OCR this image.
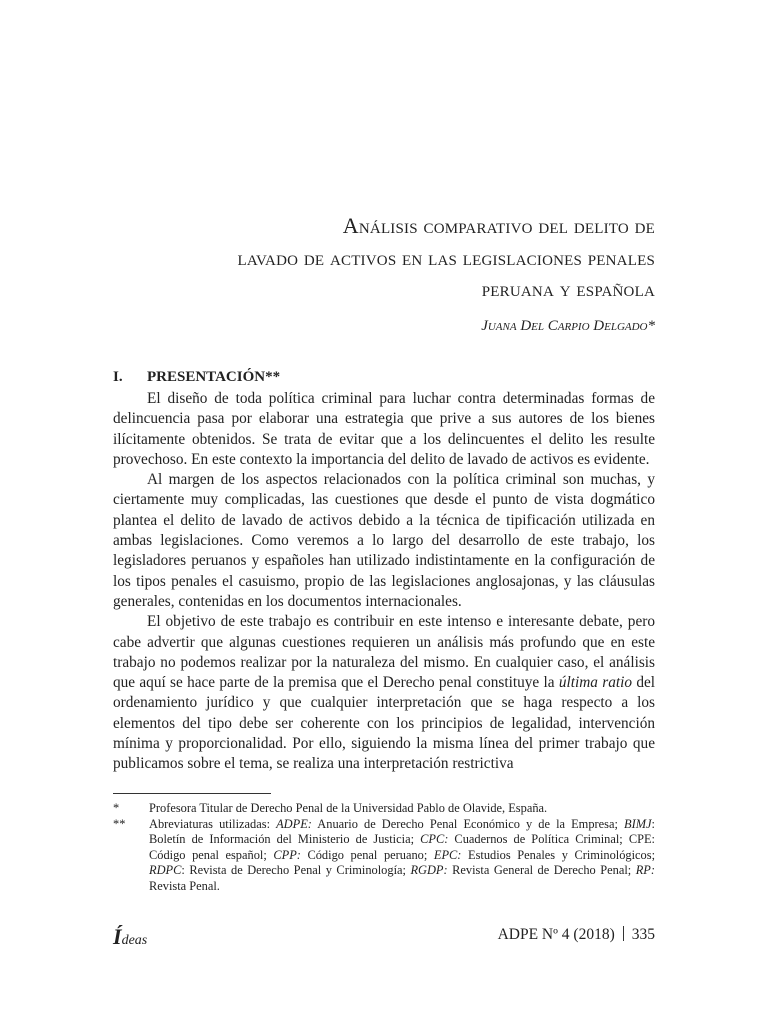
Análisis comparativo del delito de
lavado de activos en las legislaciones penales
peruana y española
Juana Del Carpio Delgado*
I. PRESENTACIÓN**

El diseño de toda política criminal para luchar contra determinadas formas de delincuencia pasa por elaborar una estrategia que prive a sus autores de los bienes ilícitamente obtenidos. Se trata de evitar que a los delincuentes el delito les resulte provechoso. En este contexto la importancia del delito de lavado de activos es evidente.

Al margen de los aspectos relacionados con la política criminal son muchas, y ciertamente muy complicadas, las cuestiones que desde el punto de vista dogmático plantea el delito de lavado de activos debido a la técnica de tipificación utilizada en ambas legislaciones. Como veremos a lo largo del desarrollo de este trabajo, los legisladores peruanos y españoles han utilizado indistintamente en la configuración de los tipos penales el casuismo, propio de las legislaciones anglosajonas, y las cláusulas generales, contenidas en los documentos internacionales.

El objetivo de este trabajo es contribuir en este intenso e interesante debate, pero cabe advertir que algunas cuestiones requieren un análisis más profundo que en este trabajo no podemos realizar por la naturaleza del mismo. En cualquier caso, el análisis que aquí se hace parte de la premisa que el Derecho penal constituye la última ratio del ordenamiento jurídico y que cualquier interpretación que se haga respecto a los elementos del tipo debe ser coherente con los principios de legalidad, intervención mínima y proporcionalidad. Por ello, siguiendo la misma línea del primer trabajo que publicamos sobre el tema, se realiza una interpretación restrictiva

*	Profesora Titular de Derecho Penal de la Universidad Pablo de Olavide, España.
**	Abreviaturas utilizadas: ADPE: Anuario de Derecho Penal Económico y de la Empresa; BIMJ: Boletín de Información del Ministerio de Justicia; CPC: Cuadernos de Política Criminal; CPE: Código penal español; CPP: Código penal peruano; EPC: Estudios Penales y Criminológicos; RDPC: Revista de Derecho Penal y Criminología; RGDP: Revista General de Derecho Penal; RP: Revista Penal.
Ídeas	ADPE Nº 4 (2018) 335
